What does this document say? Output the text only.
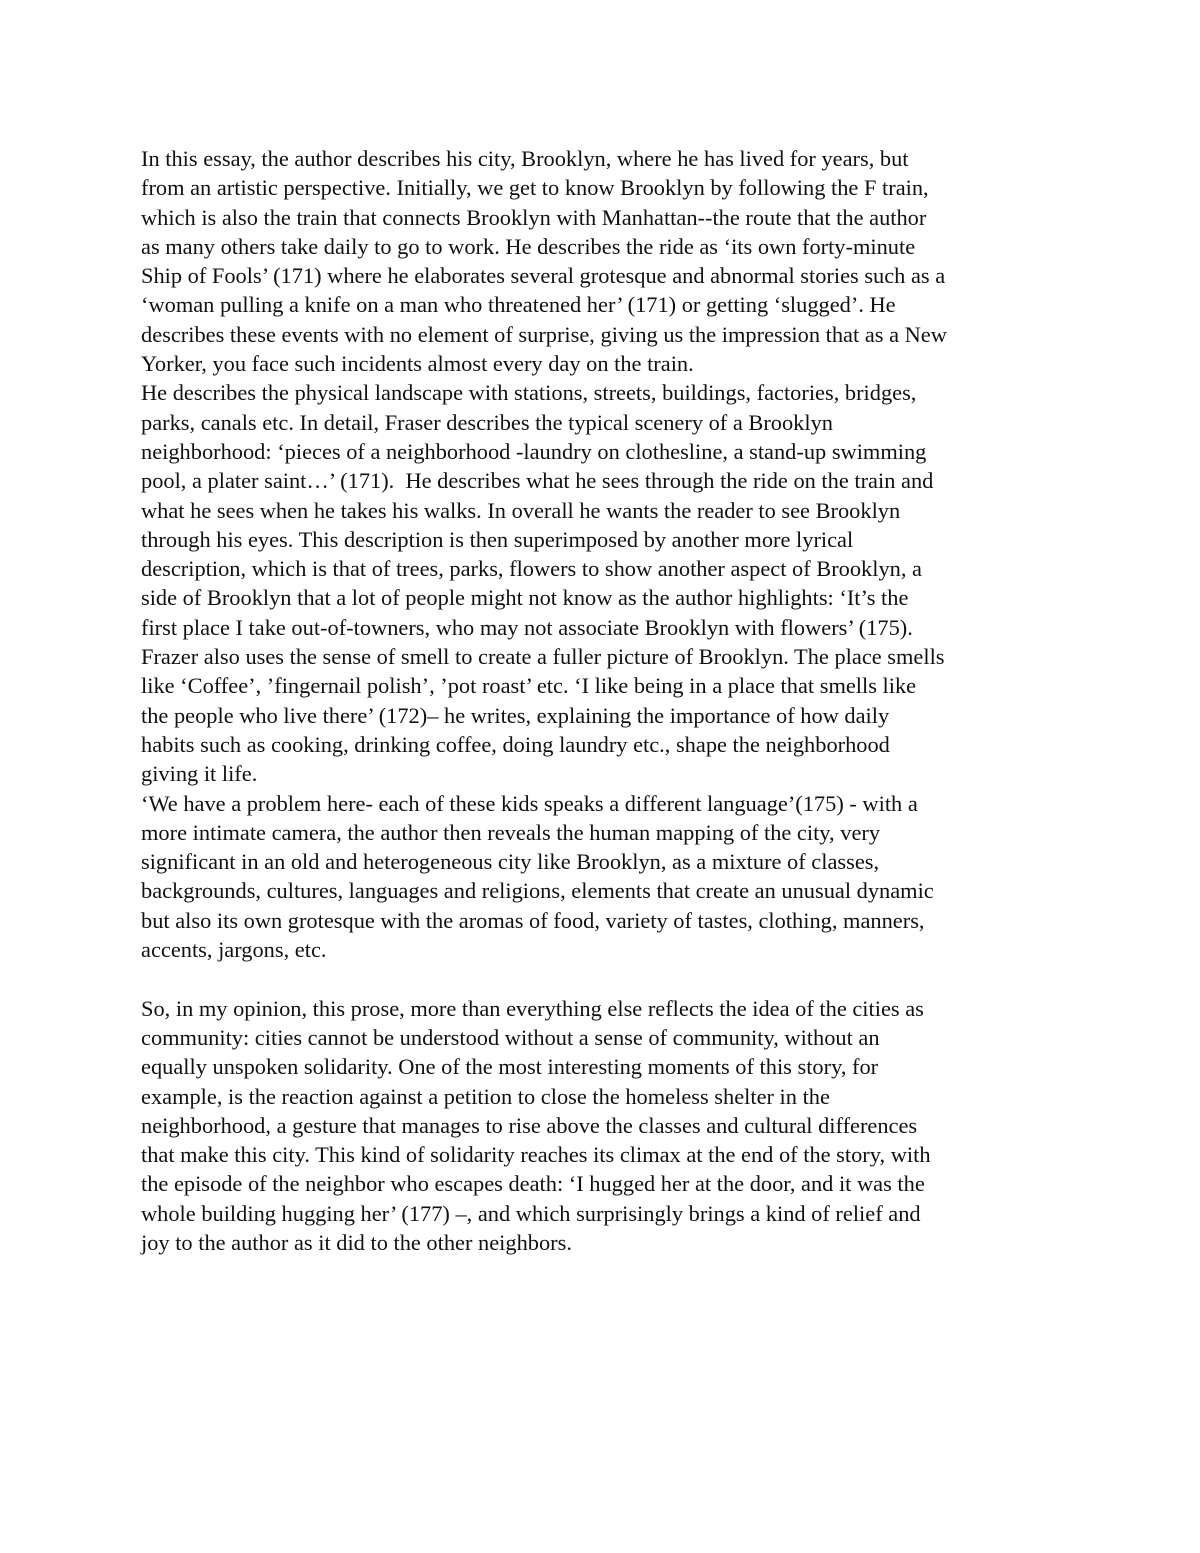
In this essay, the author describes his city, Brooklyn, where he has lived for years, but
from an artistic perspective. Initially, we get to know Brooklyn by following the F train,
which is also the train that connects Brooklyn with Manhattan--the route that the author
as many others take daily to go to work. He describes the ride as ‘its own forty-minute
Ship of Fools’ (171) where he elaborates several grotesque and abnormal stories such as a
‘woman pulling a knife on a man who threatened her’ (171) or getting ‘slugged’. He
describes these events with no element of surprise, giving us the impression that as a New
Yorker, you face such incidents almost every day on the train.
He describes the physical landscape with stations, streets, buildings, factories, bridges,
parks, canals etc. In detail, Fraser describes the typical scenery of a Brooklyn
neighborhood: ‘pieces of a neighborhood -laundry on clothesline, a stand-up swimming
pool, a plater saint…’ (171).  He describes what he sees through the ride on the train and
what he sees when he takes his walks. In overall he wants the reader to see Brooklyn
through his eyes. This description is then superimposed by another more lyrical
description, which is that of trees, parks, flowers to show another aspect of Brooklyn, a
side of Brooklyn that a lot of people might not know as the author highlights: ‘It’s the
first place I take out-of-towners, who may not associate Brooklyn with flowers’ (175).
Frazer also uses the sense of smell to create a fuller picture of Brooklyn. The place smells
like ‘Coffee’, ’fingernail polish’, ’pot roast’ etc. ‘I like being in a place that smells like
the people who live there’ (172)– he writes, explaining the importance of how daily
habits such as cooking, drinking coffee, doing laundry etc., shape the neighborhood
giving it life.
‘We have a problem here- each of these kids speaks a different language’(175) - with a
more intimate camera, the author then reveals the human mapping of the city, very
significant in an old and heterogeneous city like Brooklyn, as a mixture of classes,
backgrounds, cultures, languages and religions, elements that create an unusual dynamic
but also its own grotesque with the aromas of food, variety of tastes, clothing, manners,
accents, jargons, etc.
So, in my opinion, this prose, more than everything else reflects the idea of the cities as
community: cities cannot be understood without a sense of community, without an
equally unspoken solidarity. One of the most interesting moments of this story, for
example, is the reaction against a petition to close the homeless shelter in the
neighborhood, a gesture that manages to rise above the classes and cultural differences
that make this city. This kind of solidarity reaches its climax at the end of the story, with
the episode of the neighbor who escapes death: ‘I hugged her at the door, and it was the
whole building hugging her’ (177) –, and which surprisingly brings a kind of relief and
joy to the author as it did to the other neighbors.
